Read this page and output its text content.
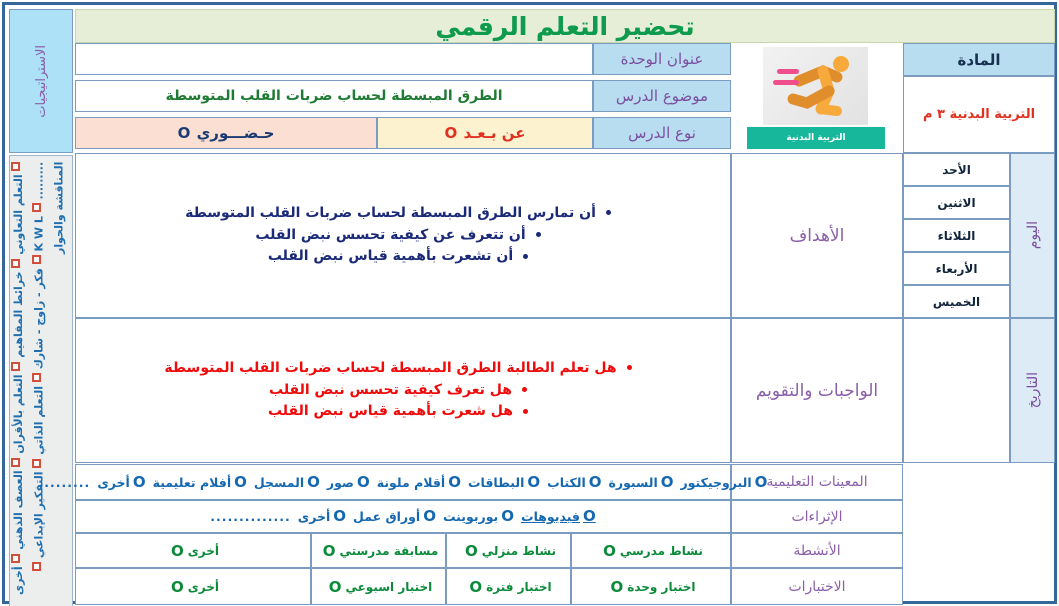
تحضير التعلم الرقمي
الاستراتيجيات
التعلم التعاوني  خرائط المفاهيم  التعلم بالأقران  العصف الذهني  أخرى .........  K W L  فكر - زاوج - شارك  التعلم الذاتي  التفكير الإبداعي  المناقشة والحوار
التربية البدنية
المادة
التربية البدنية ٣ م
عنوان الوحدة
موضوع الدرس
نوع الدرس
الطرق المبسطة لحساب ضربات القلب المتوسطة
عن بـعـد O
حـضـــوري O
اليوم
الأحد
الاثنين
الثلاثاء
الأربعاء
الخميس
التاريخ
الأهداف
أن تمارس الطرق المبسطة لحساب ضربات القلب المتوسطة
أن تتعرف عن كيفية تحسس نبض القلب
أن تشعرت بأهمية قياس نبض القلب
الواجبات والتقويم
هل تعلم الطالبة الطرق المبسطة لحساب ضربات القلب المتوسطة
هل تعرف كيفية تحسس نبض القلب
هل شعرت بأهمية قياس نبض القلب
المعينات التعليمية
O
البروجيكتور
O
السبورة
O
الكتاب
O
البطاقات
O
أقلام ملونة
O
صور
O
المسجل
O
أفلام تعليمية
O
أخرى
.........
الإثراءات
O
فيديوهات
O
بوربوينت
O
أوراق عمل
O
أخرى
..............
الأنشطة
نشاط مدرسي
O
نشاط منزلي
O
مسابقة مدرستي
O
أخرى
O
الاختبارات
اختبار وحدة
O
اختبار فترة
O
اختبار اسبوعي
O
أخرى
O
